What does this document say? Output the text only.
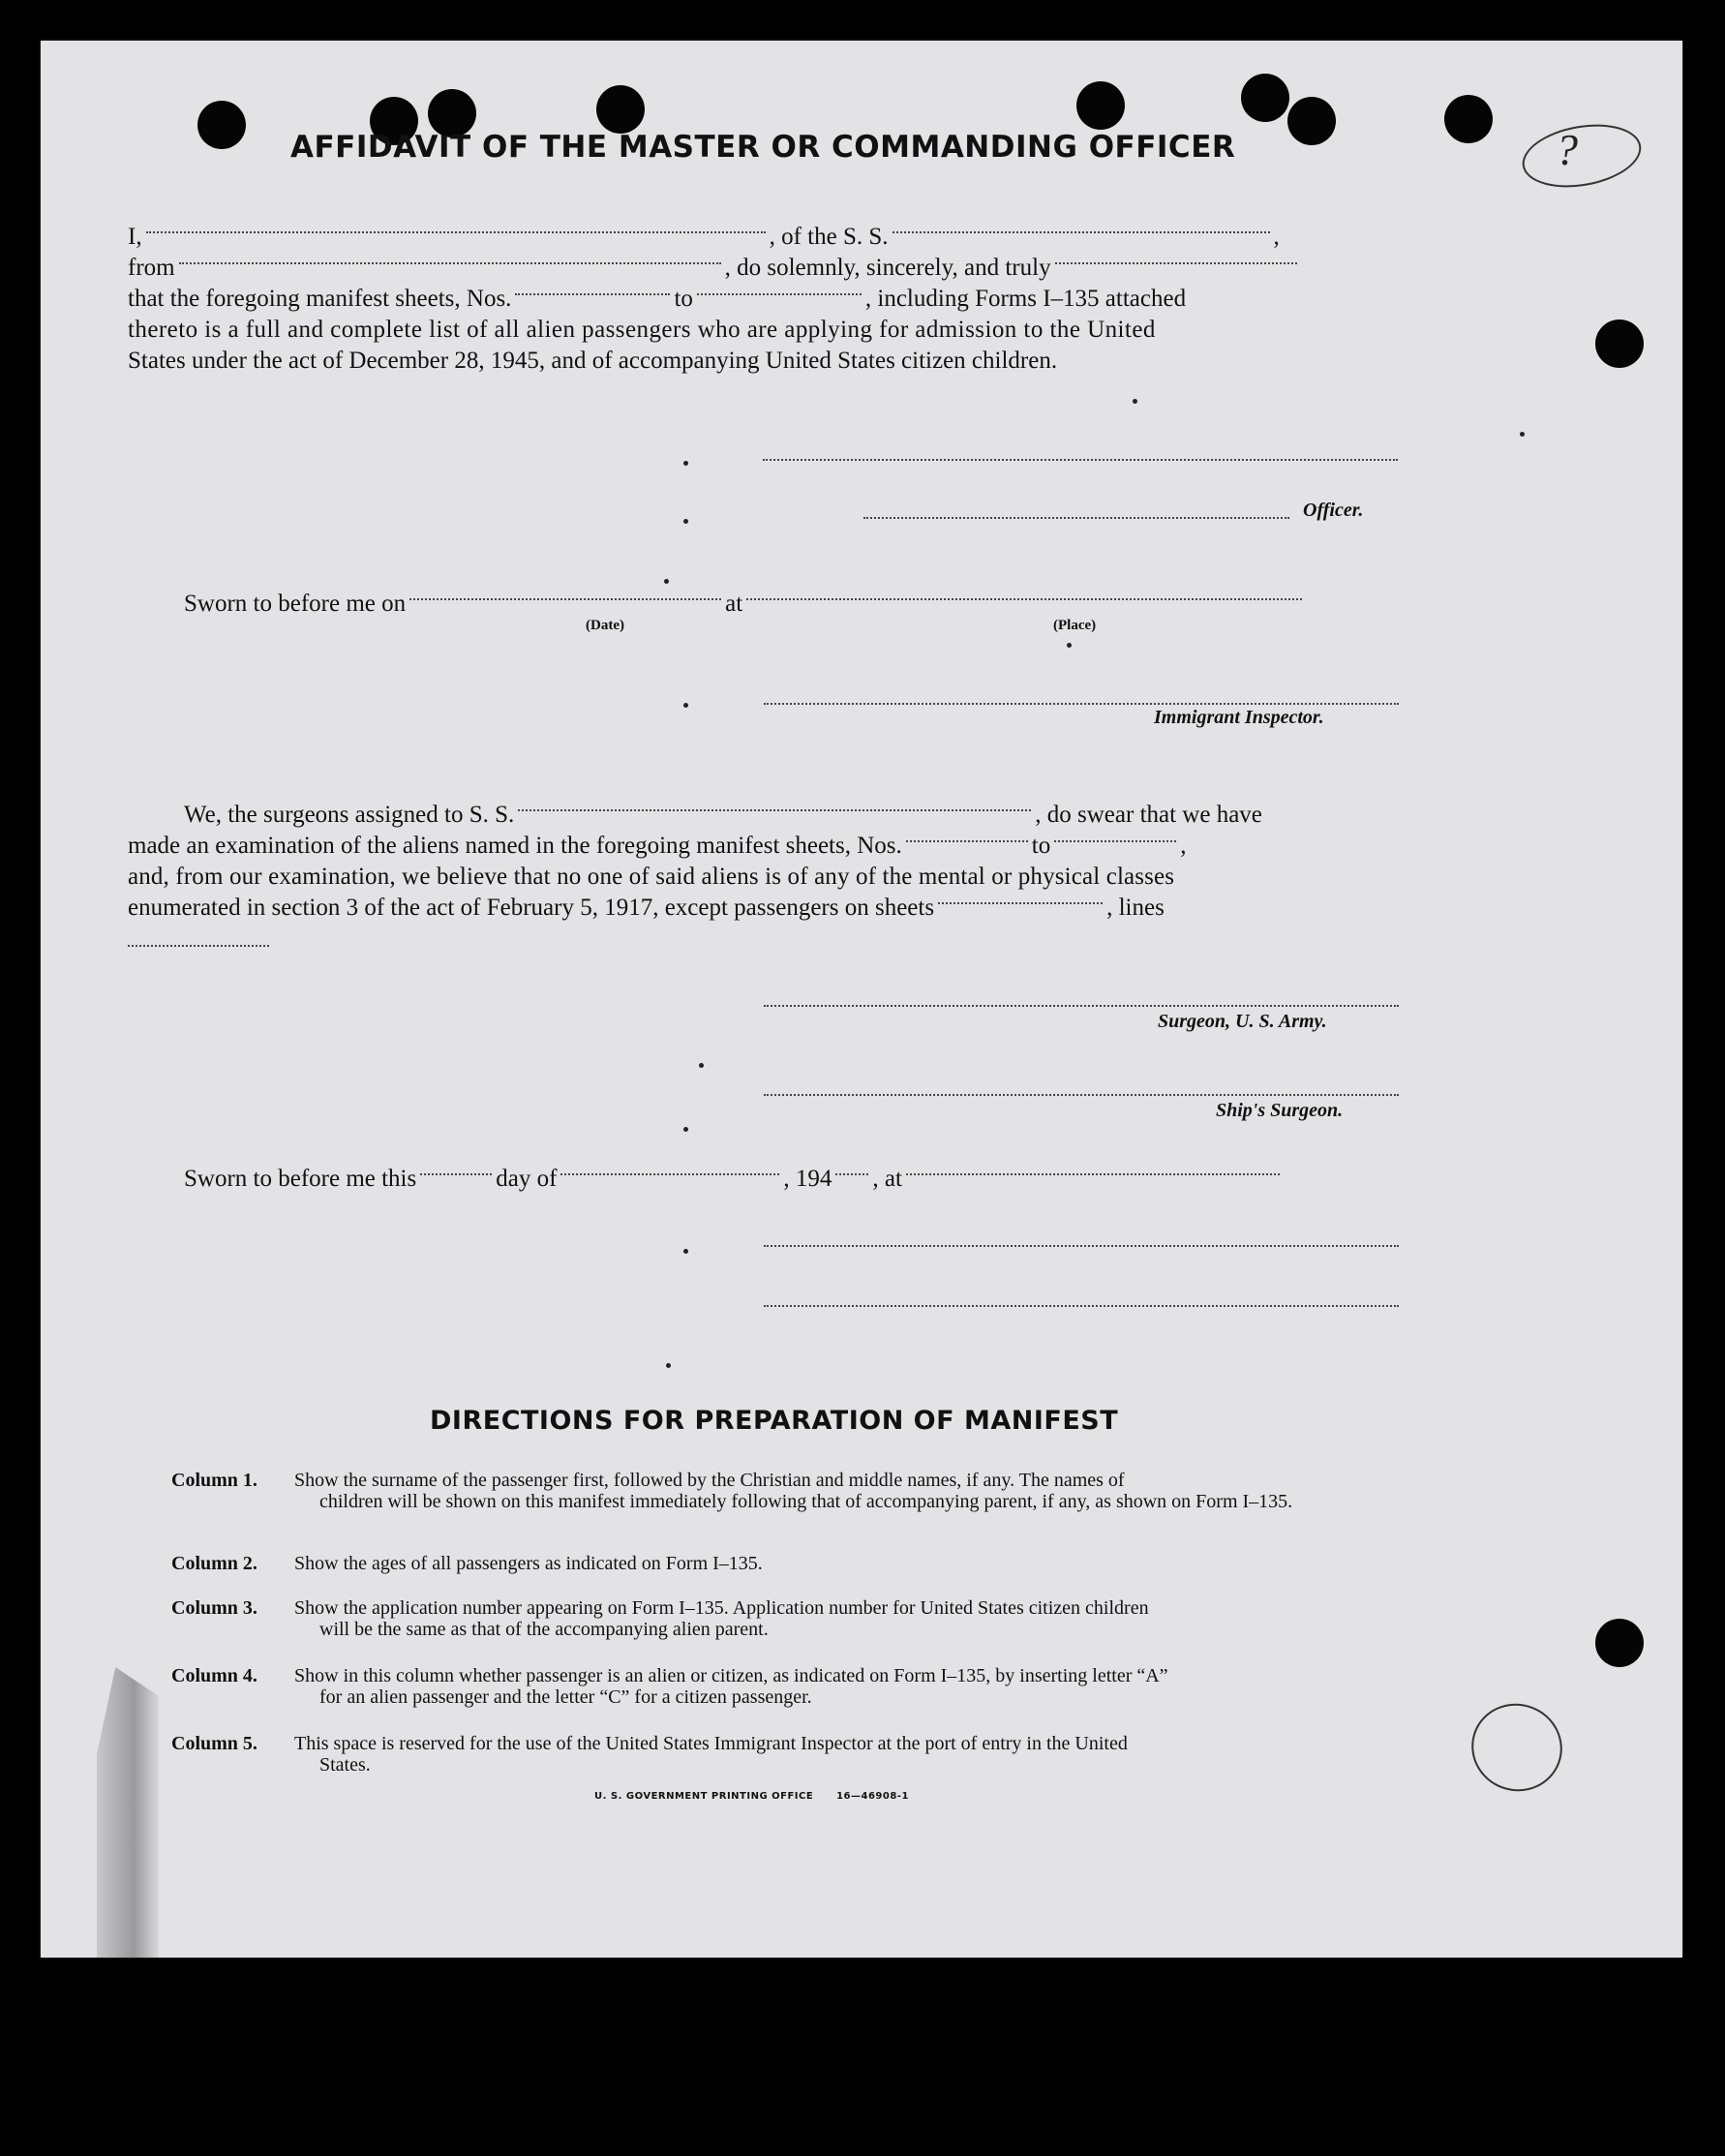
?
AFFIDAVIT OF THE MASTER OR COMMANDING OFFICER
I,	, of the S. S.	,
from	, do solemnly, sincerely, and truly
that the foregoing manifest sheets, Nos.	to	, including Forms I–135 attached
thereto is a full and complete list of all alien passengers who are applying for admission to the United
States under the act of December 28, 1945, and of accompanying United States citizen children.
Officer.
Sworn to before me on	at
(Date)	(Place)
Immigrant Inspector.
We, the surgeons assigned to S. S.	, do swear that we have
made an examination of the aliens named in the foregoing manifest sheets, Nos.	to	,
and, from our examination, we believe that no one of said aliens is of any of the mental or physical classes
enumerated in section 3 of the act of February 5, 1917, except passengers on sheets	, lines
Surgeon, U. S. Army.
Ship's Surgeon.
Sworn to before me this	day of	, 194 , at
DIRECTIONS FOR PREPARATION OF MANIFEST
Column 1. Show the surname of the passenger first, followed by the Christian and middle names, if any. The names of
children will be shown on this manifest immediately following that of accompanying parent, if any, as shown on Form I–135.
Column 2. Show the ages of all passengers as indicated on Form I–135.
Column 3. Show the application number appearing on Form I–135. Application number for United States citizen children
will be the same as that of the accompanying alien parent.
Column 4. Show in this column whether passenger is an alien or citizen, as indicated on Form I–135, by inserting letter “A”
for an alien passenger and the letter “C” for a citizen passenger.
Column 5. This space is reserved for the use of the United States Immigrant Inspector at the port of entry in the United
States.
U. S. GOVERNMENT PRINTING OFFICE 16—46908-1
